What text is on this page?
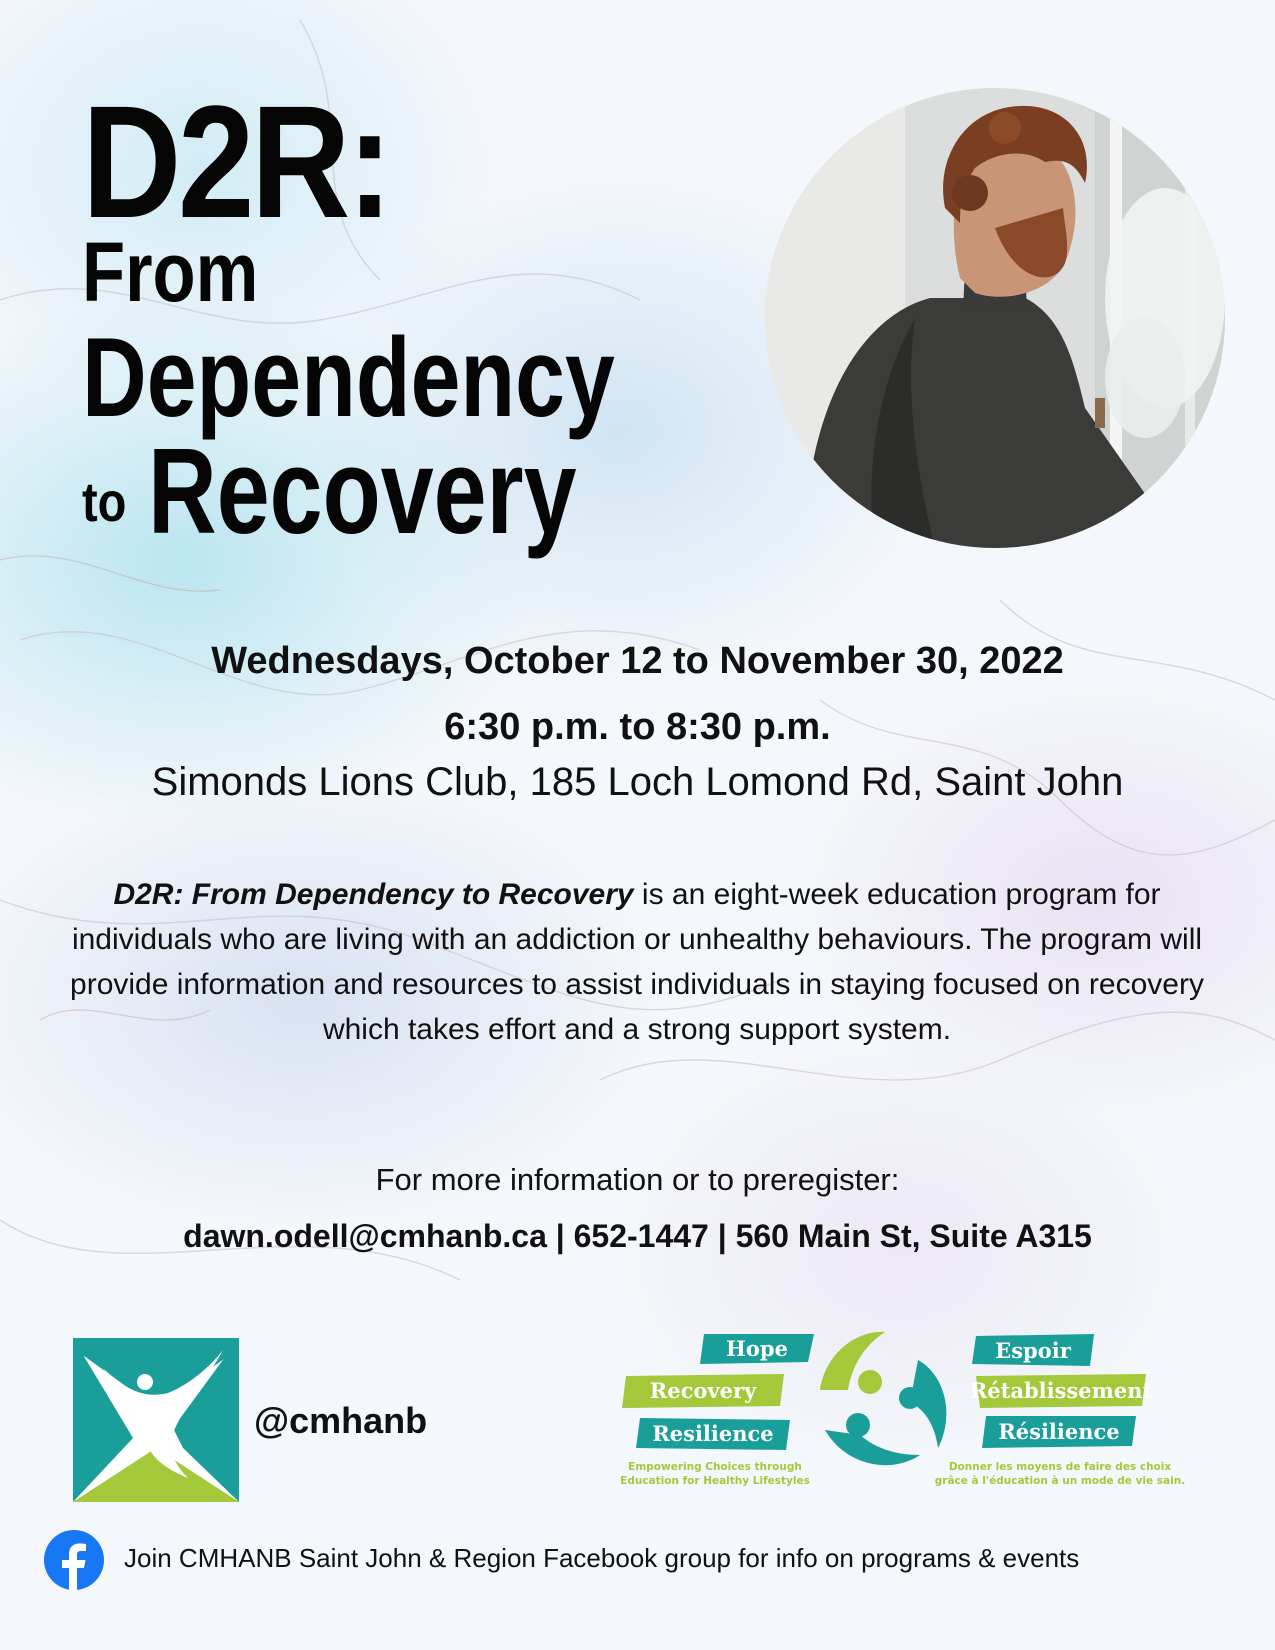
D2R:
From
Dependency
to Recovery
Wednesdays, October 12 to November 30, 2022
6:30 p.m. to 8:30 p.m.
Simonds Lions Club, 185 Loch Lomond Rd, Saint John
D2R: From Dependency to Recovery is an eight-week education program for individuals who are living with an addiction or unhealthy behaviours. The program will provide information and resources to assist individuals in staying focused on recovery which takes effort and a strong support system.
For more information or to preregister:
dawn.odell@cmhanb.ca | 652-1447 | 560 Main St, Suite A315
@cmhanb
Hope
Recovery
Resilience
Espoir
Rétablissement
Résilience
Empowering Choices through
Education for Healthy Lifestyles
Donner les moyens de faire des choix
grâce à l'éducation à un mode de vie sain.
Join CMHANB Saint John & Region Facebook group for info on programs & events
